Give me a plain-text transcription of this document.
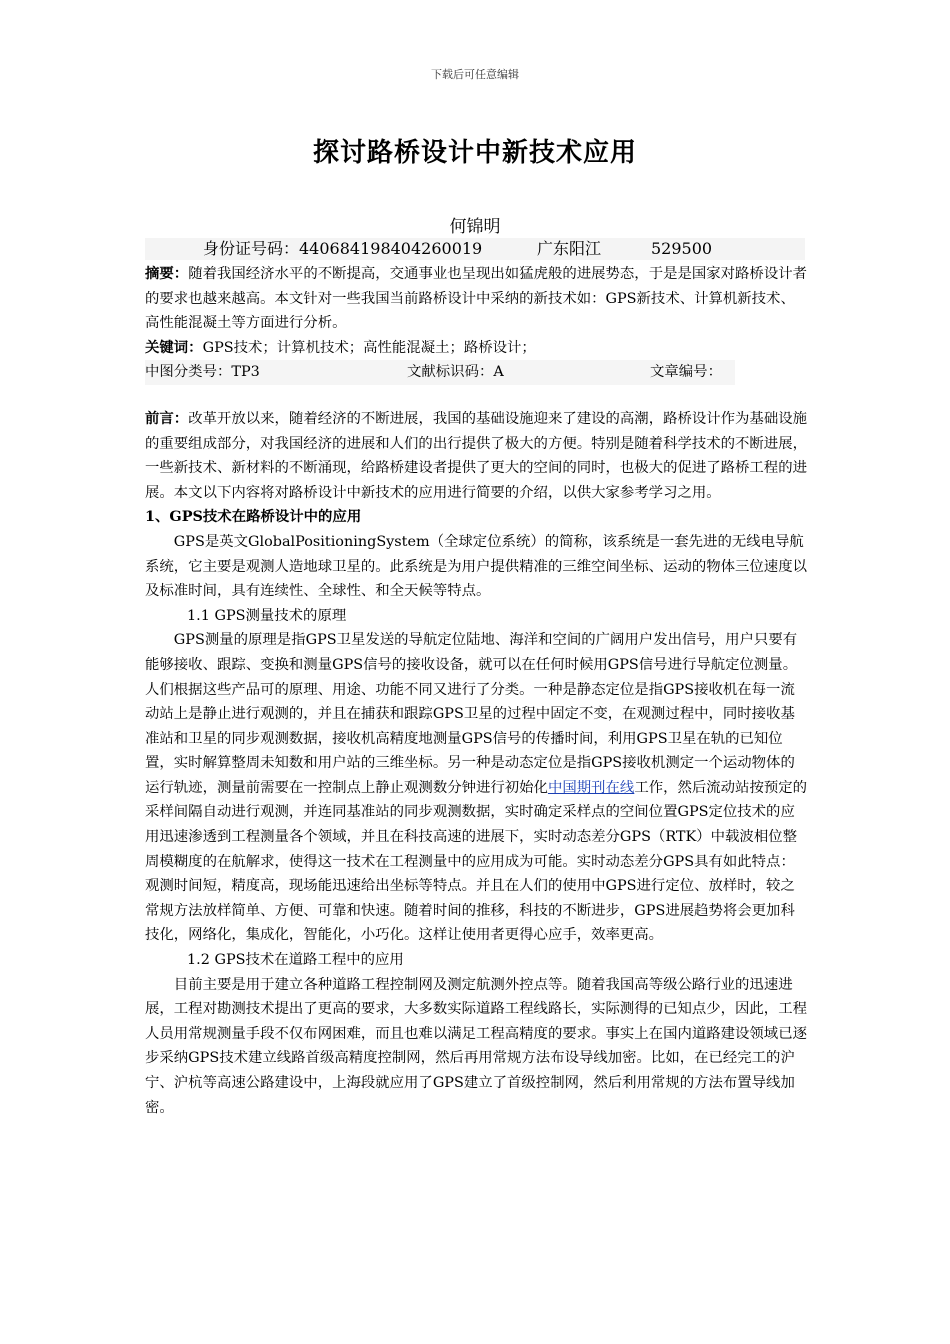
下载后可任意编辑
探讨路桥设计中新技术应用
何锦明
身份证号码：440684198404260019	广东阳江	529500

摘要：随着我国经济水平的不断提高，交通事业也呈现出如猛虎般的进展势态，于是是国家对路桥设计者的要求也越来越高。本文针对一些我国当前路桥设计中采纳的新技术如：GPS新技术、计算机新技术、高性能混凝土等方面进行分析。

关键词：GPS技术；计算机技术；高性能混凝土；路桥设计；

中图分类号：TP3	文献标识码：A	文章编号：

前言：改革开放以来，随着经济的不断进展，我国的基础设施迎来了建设的高潮，路桥设计作为基础设施的重要组成部分，对我国经济的进展和人们的出行提供了极大的方便。特别是随着科学技术的不断进展，一些新技术、新材料的不断涌现，给路桥建设者提供了更大的空间的同时，也极大的促进了路桥工程的进展。本文以下内容将对路桥设计中新技术的应用进行简要的介绍，以供大家参考学习之用。

1、GPS技术在路桥设计中的应用

GPS是英文GlobalPositioningSystem（全球定位系统）的简称，该系统是一套先进的无线电导航系统，它主要是观测人造地球卫星的。此系统是为用户提供精准的三维空间坐标、运动的物体三位速度以及标准时间，具有连续性、全球性、和全天候等特点。

1.1 GPS测量技术的原理

GPS测量的原理是指GPS卫星发送的导航定位陆地、海洋和空间的广阔用户发出信号，用户只要有能够接收、跟踪、变换和测量GPS信号的接收设备，就可以在任何时候用GPS信号进行导航定位测量。人们根据这些产品可的原理、用途、功能不同又进行了分类。一种是静态定位是指GPS接收机在每一流动站上是静止进行观测的，并且在捕获和跟踪GPS卫星的过程中固定不变，在观测过程中，同时接收基准站和卫星的同步观测数据，接收机高精度地测量GPS信号的传播时间，利用GPS卫星在轨的已知位置，实时解算整周未知数和用户站的三维坐标。另一种是动态定位是指GPS接收机测定一个运动物体的运行轨迹，测量前需要在一控制点上静止观测数分钟进行初始化中国期刊在线工作，然后流动站按预定的采样间隔自动进行观测，并连同基准站的同步观测数据，实时确定采样点的空间位置GPS定位技术的应用迅速渗透到工程测量各个领域，并且在科技高速的进展下，实时动态差分GPS（RTK）中载波相位整周模糊度的在航解求，使得这一技术在工程测量中的应用成为可能。实时动态差分GPS具有如此特点：观测时间短，精度高，现场能迅速给出坐标等特点。并且在人们的使用中GPS进行定位、放样时，较之常规方法放样简单、方便、可靠和快速。随着时间的推移，科技的不断进步，GPS进展趋势将会更加科技化，网络化，集成化，智能化，小巧化。这样让使用者更得心应手，效率更高。

1.2 GPS技术在道路工程中的应用

目前主要是用于建立各种道路工程控制网及测定航测外控点等。随着我国高等级公路行业的迅速进展，工程对勘测技术提出了更高的要求，大多数实际道路工程线路长，实际测得的已知点少，因此，工程人员用常规测量手段不仅布网困难，而且也难以满足工程高精度的要求。事实上在国内道路建设领域已逐步采纳GPS技术建立线路首级高精度控制网，然后再用常规方法布设导线加密。比如，在已经完工的沪宁、沪杭等高速公路建设中，上海段就应用了GPS建立了首级控制网，然后利用常规的方法布置导线加密。
